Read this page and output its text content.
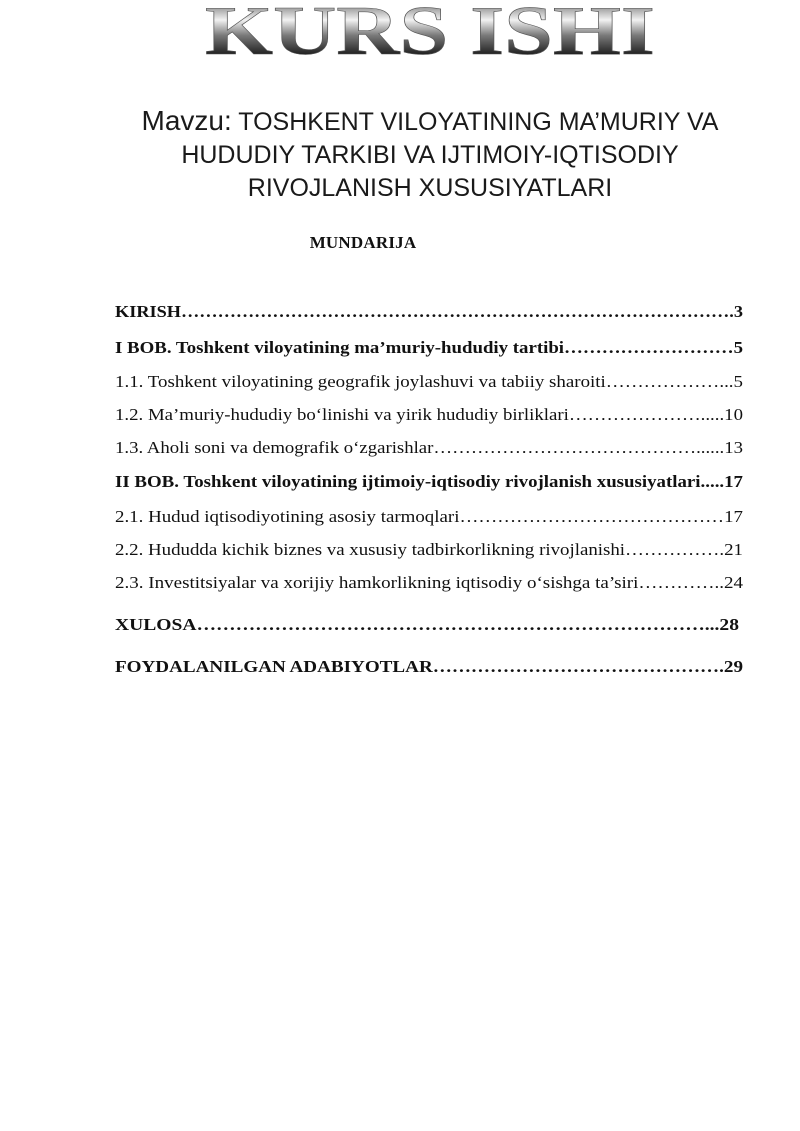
KURS ISHI
Mavzu: TOSHKENT VILOYATINING MA’MURIY VA HUDUDIY TARKIBI VA IJTIMOIY-IQTISODIY RIVOJLANISH XUSUSIYATLARI
MUNDARIJA
KIRISH……………………………………………………………………………….3
I BOB. Toshkent viloyatining ma’muriy-hududiy tartibi………………………5
1.1. Toshkent viloyatining geografik joylashuvi va tabiiy sharoiti………………...5
1.2. Ma’muriy-hududiy bo‘linishi va yirik hududiy birliklari………………….....10
1.3. Aholi soni va demografik o‘zgarishlar……………………………………......13
II BOB. Toshkent viloyatining ijtimoiy-iqtisodiy rivojlanish xususiyatlari.....17
2.1. Hudud iqtisodiyotining asosiy tarmoqlari……………………………………17
2.2. Hududda kichik biznes va xususiy tadbirkorlikning rivojlanishi…………….21
2.3. Investitsiyalar va xorijiy hamkorlikning iqtisodiy o‘sishga ta’siri…………..24
XULOSA……………………………………………………………………...28
FOYDALANILGAN ADABIYOTLAR……………………………………….29
